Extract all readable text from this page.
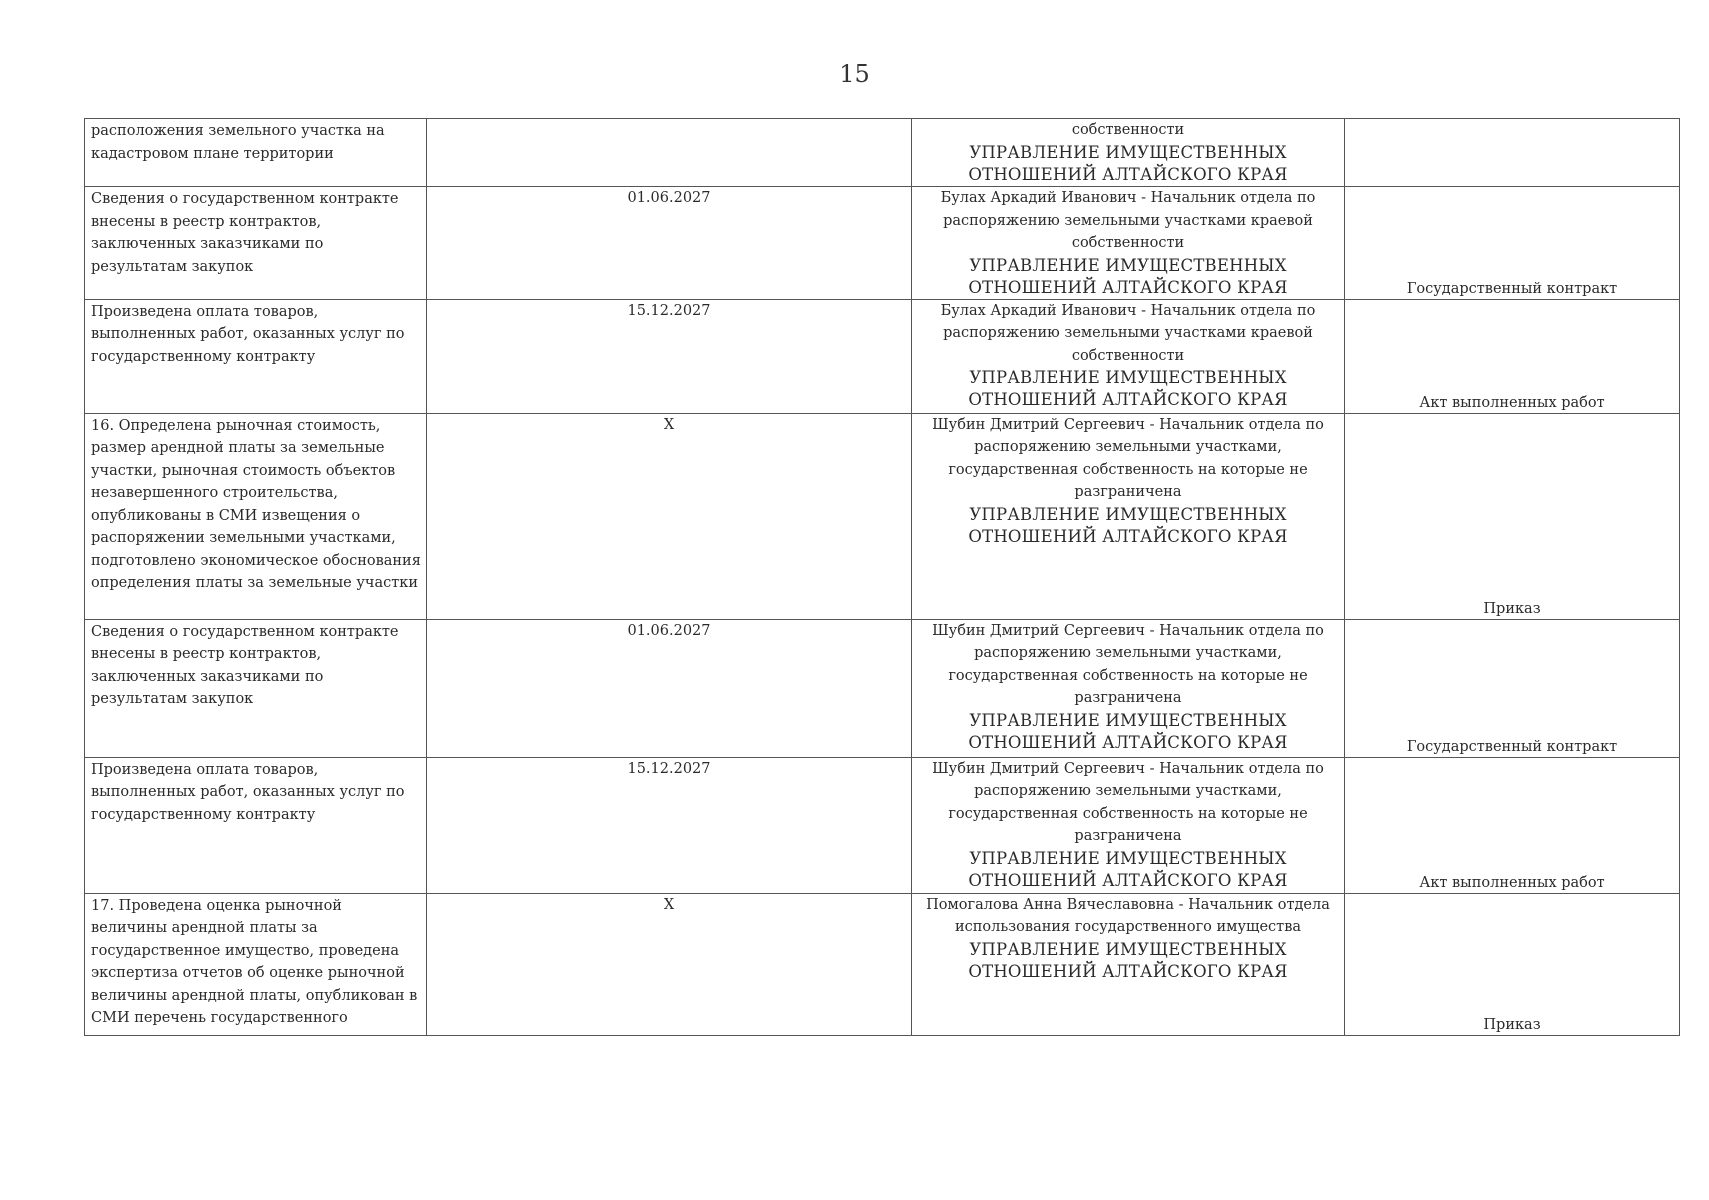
15
расположения земельного участка на кадастровом плане территории		собственности
УПРАВЛЕНИЕ ИМУЩЕСТВЕННЫХ ОТНОШЕНИЙ АЛТАЙСКОГО КРАЯ	

Сведения о государственном контракте внесены в реестр контрактов, заключенных заказчиками по результатам закупок	01.06.2027	Булах Аркадий Иванович - Начальник отдела по распоряжению земельными участками краевой собственности
УПРАВЛЕНИЕ ИМУЩЕСТВЕННЫХ ОТНОШЕНИЙ АЛТАЙСКОГО КРАЯ	Государственный контракт

Произведена оплата товаров, выполненных работ, оказанных услуг по государственному контракту	15.12.2027	Булах Аркадий Иванович - Начальник отдела по распоряжению земельными участками краевой собственности
УПРАВЛЕНИЕ ИМУЩЕСТВЕННЫХ ОТНОШЕНИЙ АЛТАЙСКОГО КРАЯ	Акт выполненных работ

16. Определена рыночная стоимость, размер арендной платы за земельные участки, рыночная стоимость объектов незавершенного строительства, опубликованы в СМИ извещения о распоряжении земельными участками, подготовлено экономическое обоснования определения платы за земельные участки	X	Шубин Дмитрий Сергеевич - Начальник отдела по распоряжению земельными участками, государственная собственность на которые не разграничена
УПРАВЛЕНИЕ ИМУЩЕСТВЕННЫХ ОТНОШЕНИЙ АЛТАЙСКОГО КРАЯ	Приказ

Сведения о государственном контракте внесены в реестр контрактов, заключенных заказчиками по результатам закупок	01.06.2027	Шубин Дмитрий Сергеевич - Начальник отдела по распоряжению земельными участками, государственная собственность на которые не разграничена
УПРАВЛЕНИЕ ИМУЩЕСТВЕННЫХ ОТНОШЕНИЙ АЛТАЙСКОГО КРАЯ	Государственный контракт

Произведена оплата товаров, выполненных работ, оказанных услуг по государственному контракту	15.12.2027	Шубин Дмитрий Сергеевич - Начальник отдела по распоряжению земельными участками, государственная собственность на которые не разграничена
УПРАВЛЕНИЕ ИМУЩЕСТВЕННЫХ ОТНОШЕНИЙ АЛТАЙСКОГО КРАЯ	Акт выполненных работ

17. Проведена оценка рыночной величины арендной платы за государственное имущество, проведена экспертиза отчетов об оценке рыночной величины арендной платы, опубликован в СМИ перечень государственного	X	Помогалова Анна Вячеславовна - Начальник отдела использования государственного имущества
УПРАВЛЕНИЕ ИМУЩЕСТВЕННЫХ ОТНОШЕНИЙ АЛТАЙСКОГО КРАЯ	Приказ
